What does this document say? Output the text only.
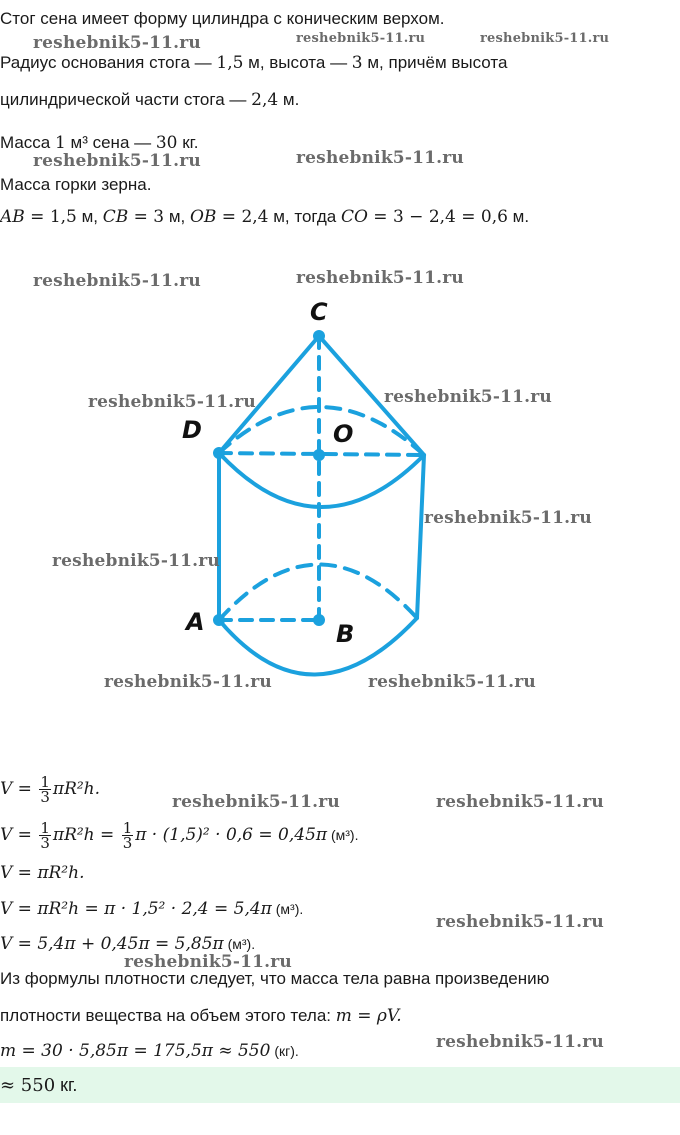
Стог сена имеет форму цилиндра с коническим верхом.
Радиус основания стога — 1,5 м, высота — 3 м, причём высота
цилиндрической части стога — 2,4 м.
Масса 1 м³ сена — 30 кг.
Масса горки зерна.
AB = 1,5 м, CB = 3 м, OB = 2,4 м, тогда CO = 3 − 2,4 = 0,6 м.
C
D	O
A	B
$V = \frac{1}{3} \pi R^2h$.
$V = \frac{1}{3} \pi R^2h = \frac{1}{3}$ π · (1,5)² · 0,6 = 0,45π (м³).
V = πR²h.
V = πR²h = π · 1,5² · 2,4 = 5,4π (м³).
V = 5,4π + 0,45π = 5,85π (м³).
Из формулы плотности следует, что масса тела равна произведению
плотности вещества на объем этого тела: m = ρV.
m = 30 · 5,85π = 175,5π ≈ 550 (кг).
≈ 550 кг.
reshebnik5-11.ru	reshebnik5-11.ru	reshebnik5-11.ru
reshebnik5-11.ru	reshebnik5-11.ru
reshebnik5-11.ru	reshebnik5-11.ru
reshebnik5-11.ru	reshebnik5-11.ru
reshebnik5-11.ru
reshebnik5-11.ru
reshebnik5-11.ru	reshebnik5-11.ru
reshebnik5-11.ru	reshebnik5-11.ru
reshebnik5-11.ru
reshebnik5-11.ru
reshebnik5-11.ru
